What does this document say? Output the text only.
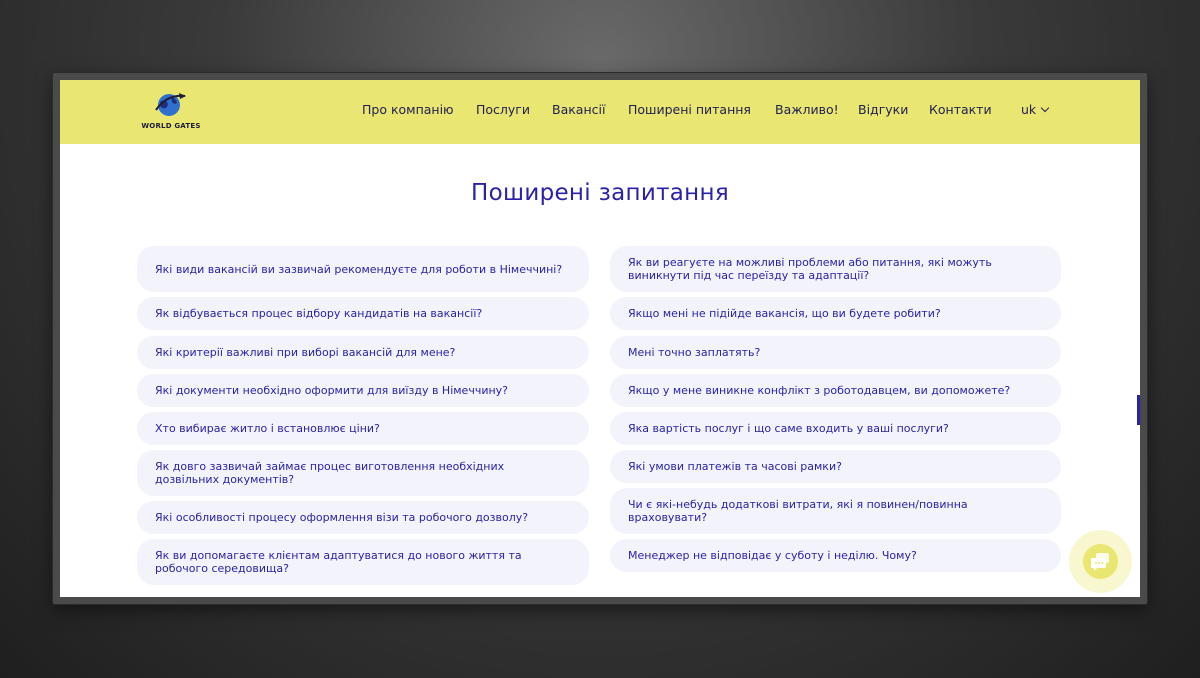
WORLD GATES
Про компанію Послуги Вакансії Поширені питання Важливо! Відгуки Контакти uk
Поширені запитання
Які види вакансій ви зазвичай рекомендуєте для роботи в Німеччині?
Як відбувається процес відбору кандидатів на вакансії?
Які критерії важливі при виборі вакансій для мене?
Які документи необхідно оформити для виїзду в Німеччину?
Хто вибирає житло і встановлює ціни?
Як довго зазвичай займає процес виготовлення необхідних дозвільних документів?
Які особливості процесу оформлення візи та робочого дозволу?
Як ви допомагаєте клієнтам адаптуватися до нового життя та робочого середовища?
Як ви реагуєте на можливі проблеми або питання, які можуть виникнути під час переїзду та адаптації?
Якщо мені не підійде вакансія, що ви будете робити?
Мені точно заплатять?
Якщо у мене виникне конфлікт з роботодавцем, ви допоможете?
Яка вартість послуг і що саме входить у ваші послуги?
Які умови платежів та часові рамки?
Чи є які-небудь додаткові витрати, які я повинен/повинна враховувати?
Менеджер не відповідає у суботу і неділю. Чому?
